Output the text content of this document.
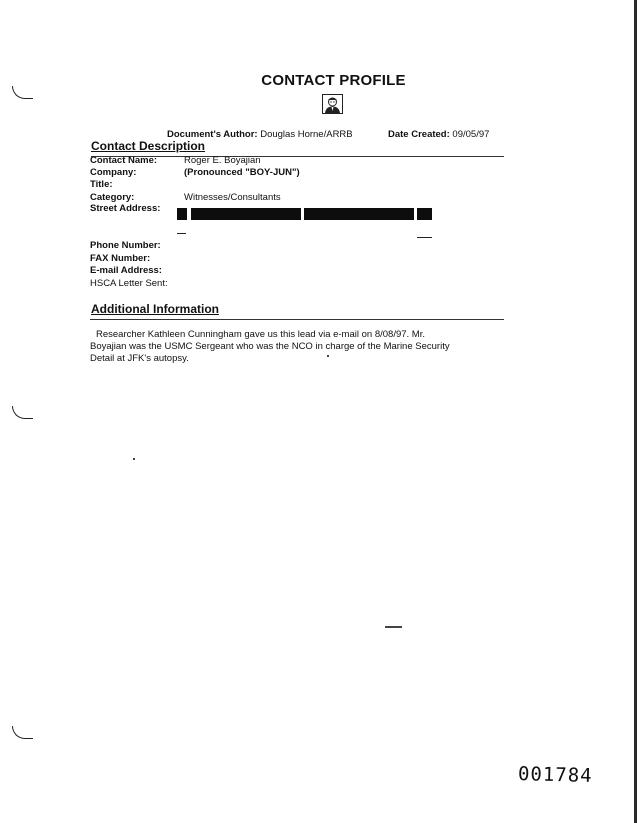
CONTACT PROFILE
Document's Author: Douglas Horne/ARRB	Date Created: 09/05/97
Contact Description
Contact Name:	Roger E. Boyajian
Company:	(Pronounced "BOY-JUN")
Title:
Category:	Witnesses/Consultants
Street Address:
Phone Number:
FAX Number:
E-mail Address:
HSCA Letter Sent:
Additional Information
Researcher Kathleen Cunningham gave us this lead via e-mail on 8/08/97. Mr.
Boyajian was the USMC Sergeant who was the NCO in charge of the Marine Security
Detail at JFK's autopsy.
001784
